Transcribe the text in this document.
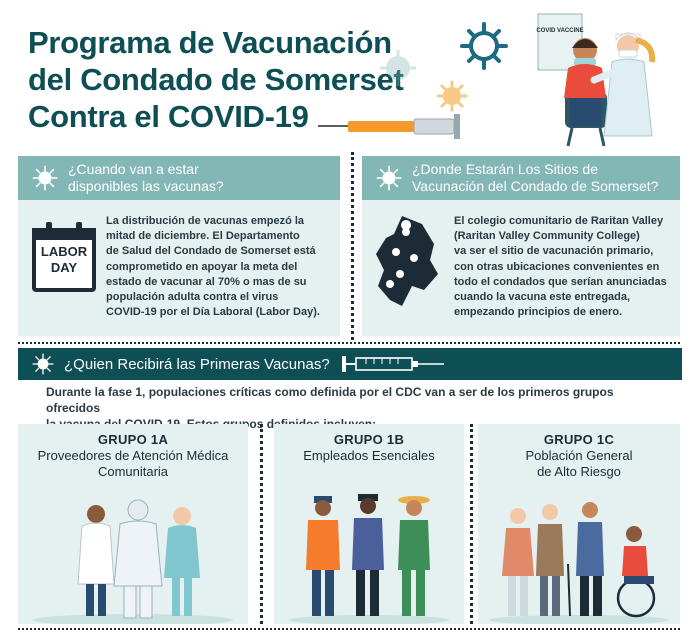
Programa de Vacunación
del Condado de Somerset
Contra el COVID-19
COVID VACCINE
¿Cuando van a estar
disponibles las vacunas?
LABOR
DAY
La distribución de vacunas empezó la
mitad de diciembre. El Departamento
de Salud del Condado de Somerset está
comprometido en apoyar la meta del
estado de vacunar al 70% o mas de su
populación adulta contra el virus
COVID-19 por el Día Laboral (Labor Day).
¿Donde Estarán Los Sitios de
Vacunación del Condado de Somerset?
El colegio comunitario de Raritan Valley
(Raritan Valley Community College)
va ser el sitio de vacunación primario,
con otras ubicaciones convenientes en
todo el condados que serían anunciadas
cuando la vacuna este entregada,
empezando principios de enero.
¿Quien Recibirá las Primeras Vacunas?
Durante la fase 1, populaciones críticas como definida por el CDC van a ser de los primeros grupos ofrecidos
GRUPO 1A
Proveedores de Atención Médica
Comunitaria
GRUPO 1B
Empleados Esenciales
GRUPO 1C
Población General
de Alto Riesgo
